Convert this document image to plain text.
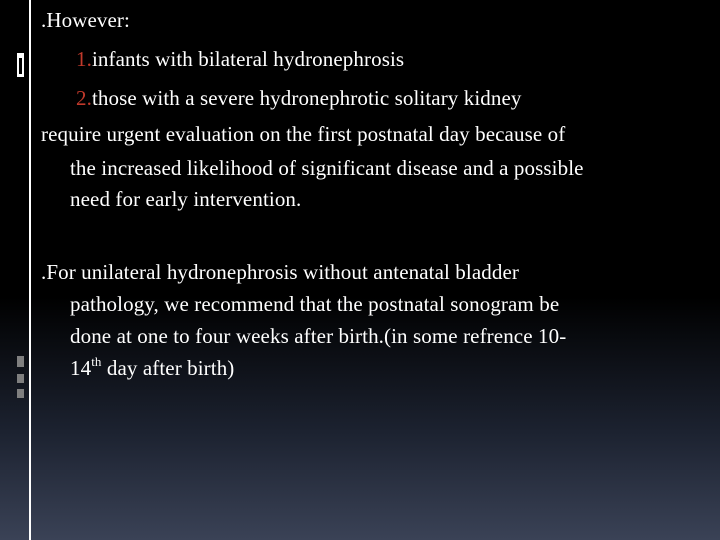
.However:
1.infants with bilateral hydronephrosis
2.those with a severe hydronephrotic solitary kidney
require urgent evaluation on the first postnatal day because of
the increased likelihood of significant disease and a possible
need for early intervention.
.For unilateral hydronephrosis without antenatal bladder
pathology, we recommend that the postnatal sonogram be
done at one to four weeks after birth.(in some refrence 10-
14th day after birth)
